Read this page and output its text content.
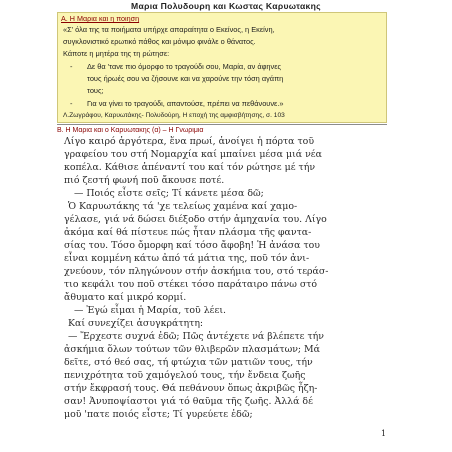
Μαρια Πολυδουρη και Κωστας Καρυωτακης
Α. Η Μαρια και η ποιηση
«Σ' όλα της τα ποιήματα υπήρχε απαραίτητα ο Εκείνος, η Εκείνη,
συγκλονιστικό ερωτικό πάθος και μόνιμο φινάλε ο θάνατος.
Κάποτε η μητέρα της τη ρώτησε:
- Δε θα 'τανε πιο όμορφο το τραγούδι σου, Μαρία, αν άφηνες
τους ήρωές σου να ζήσουνε και να χαρούνε την τόση αγάπη
τους;
- Για να γίνει το τραγούδι, απαντούσε, πρέπει να πεθάνουνε.»
Λ.Ζωγράφου, Καρυωτάκης- Πολυδούρη, Η εποχή της αμφισβήτησης, σ. 103
Β. Η Μαρια και ο Καρυωτακης (α) – Η Γνωριμια
Λίγο καιρό ἀργότερα, ἕνα πρωί, ἀνοίγει ἡ πόρτα τοῦ
γραφείου του στή Νομαρχία καί μπαίνει μέσα μιά νέα
κοπέλα. Κάθισε ἀπέναντί του καί τόν ρώτησε μέ τήν
πιό ζεστή φωνή ποῦ ἄκουσε ποτέ.
— Ποιός εἶστε σεῖς; Τί κάνετε μέσα δῶ;
Ὁ Καρυωτάκης τά 'χε τελείως χαμένα καί χαμο-
γέλασε, γιά νά δώσει διέξοδο στήν ἀμηχανία του. Λίγο
ἀκόμα καί θά πίστευε πώς ἦταν πλάσμα τῆς φαντα-
σίας του. Τόσο ὄμορφη καί τόσο ἄφοβη! Ἡ ἀνάσα του
εἶναι κομμένη κάτω ἀπό τά μάτια της, ποῦ τόν ἀνι-
χνεύουν, τόν πληγώνουν στήν ἀσκήμια του, στό τεράσ-
τιο κεφάλι του ποῦ στέκει τόσο παράταιρο πάνω στό
ἄθυματο καί μικρό κορμί.
— Ἐγώ εἶμαι ἡ Μαρία, τοῦ λέει.
Καί συνεχίζει ἀσυγκράτητη:
— Ἔρχεστε συχνά ἐδῶ; Πῶς ἀντέχετε νά βλέπετε τήν
ἀσκήμια ὅλων τούτων τῶν θλιβερῶν πλασμάτων; Μά
δεῖτε, στό θεό σας, τή φτώχια τῶν ματιῶν τους, τήν
πενιχρότητα τοῦ χαμόγελού τους, τήν ἔνδεια ζωῆς
στήν ἔκφρασή τους. Θά πεθάνουν ὅπως ἀκριβῶς ἦζη-
σαν! Ἀνυποψίαστοι γιά τό θαῦμα τῆς ζωῆς. Ἀλλά δέ
μοῦ 'πατε ποιός εἶστε; Τί γυρεύετε ἐδῶ;
1
